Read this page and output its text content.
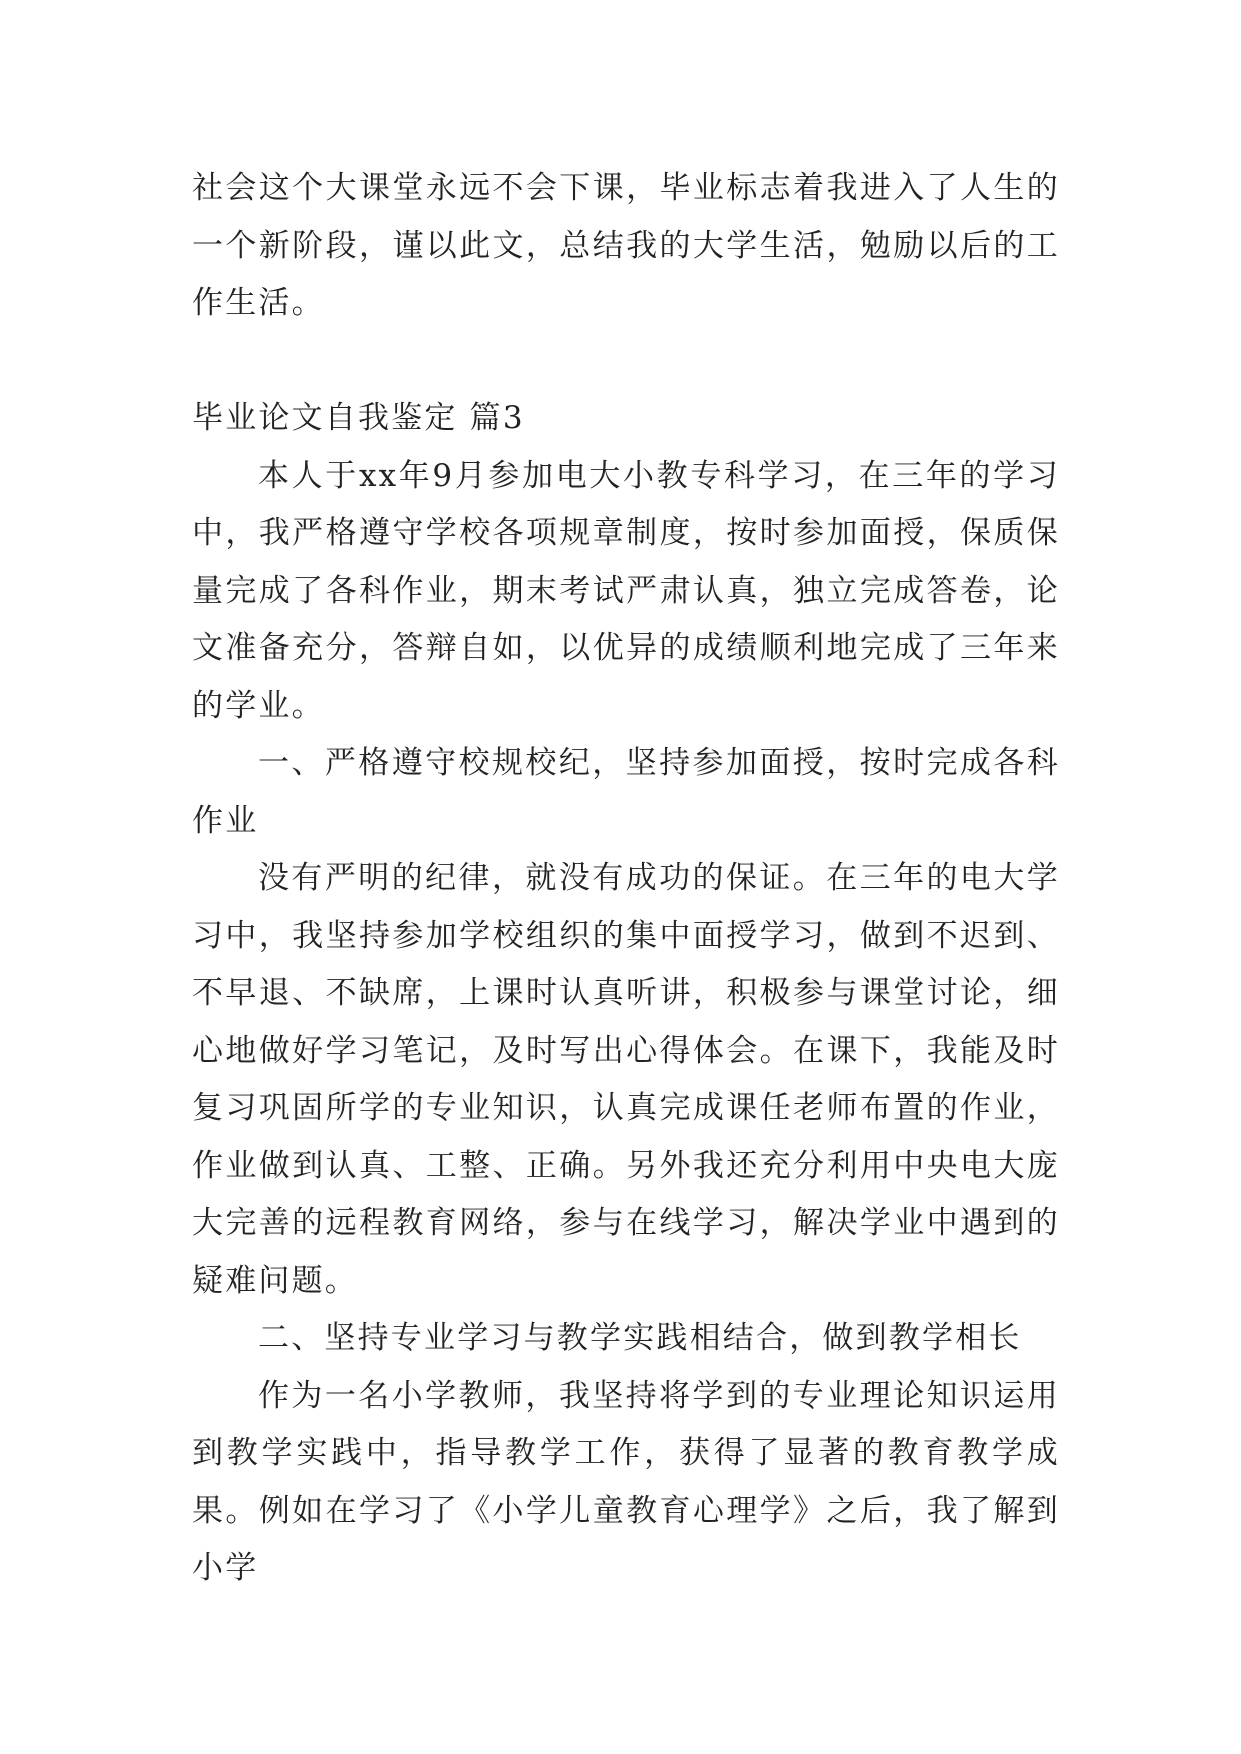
社会这个大课堂永远不会下课，毕业标志着我进入了人生的一个新阶段，谨以此文，总结我的大学生活，勉励以后的工作生活。

毕业论文自我鉴定 篇3

本人于xx年9月参加电大小教专科学习，在三年的学习中，我严格遵守学校各项规章制度，按时参加面授，保质保量完成了各科作业，期末考试严肃认真，独立完成答卷，论文准备充分，答辩自如，以优异的成绩顺利地完成了三年来的学业。

一、严格遵守校规校纪，坚持参加面授，按时完成各科作业

没有严明的纪律，就没有成功的保证。在三年的电大学习中，我坚持参加学校组织的集中面授学习，做到不迟到、不早退、不缺席，上课时认真听讲，积极参与课堂讨论，细心地做好学习笔记，及时写出心得体会。在课下，我能及时复习巩固所学的专业知识，认真完成课任老师布置的作业，作业做到认真、工整、正确。另外我还充分利用中央电大庞大完善的远程教育网络，参与在线学习，解决学业中遇到的疑难问题。

二、坚持专业学习与教学实践相结合，做到教学相长

作为一名小学教师，我坚持将学到的专业理论知识运用到教学实践中，指导教学工作，获得了显著的教育教学成果。例如在学习了《小学儿童教育心理学》之后，我了解到小学
